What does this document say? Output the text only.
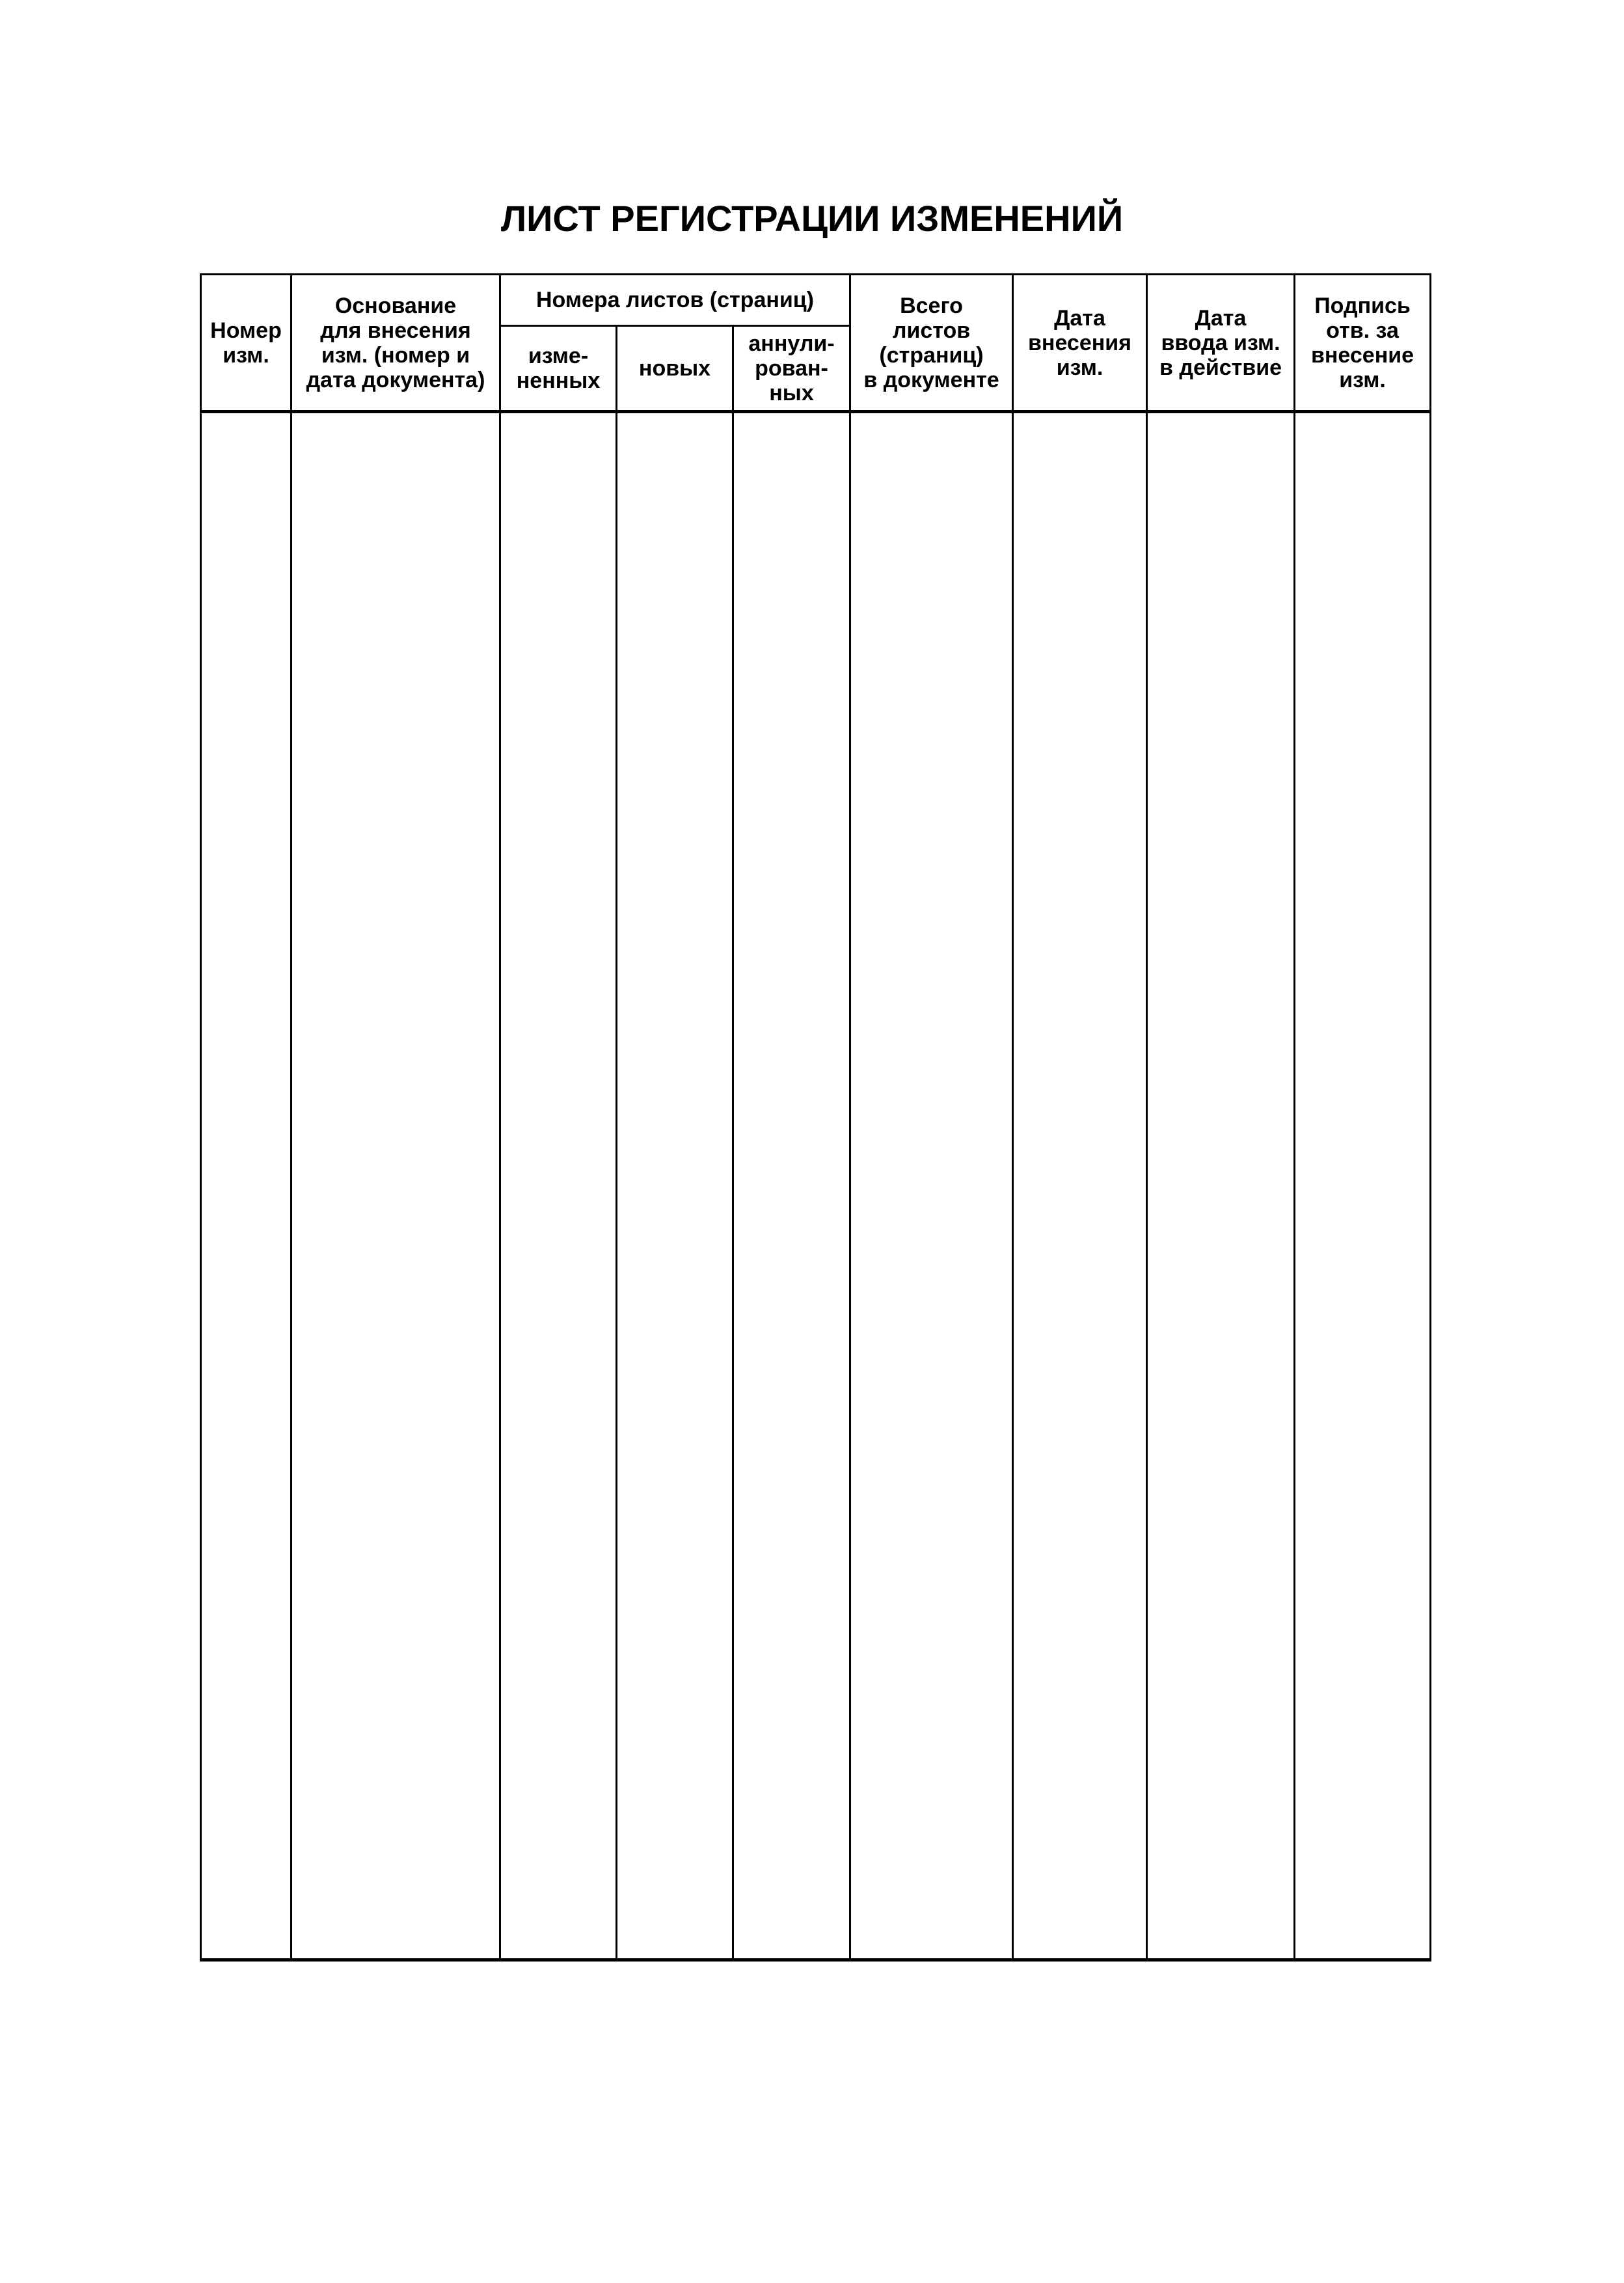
ЛИСТ РЕГИСТРАЦИИ ИЗМЕНЕНИЙ
Номер
изм.	Основание
для внесения
изм. (номер и
дата документа)	Номера листов (страниц)			Всего
листов
(страниц)
в документе	Дата
внесения
изм.	Дата
ввода изм.
в действие	Подпись
отв. за
внесение
изм.

		изме-
ненных	новых	аннули-
рован-
ных				
